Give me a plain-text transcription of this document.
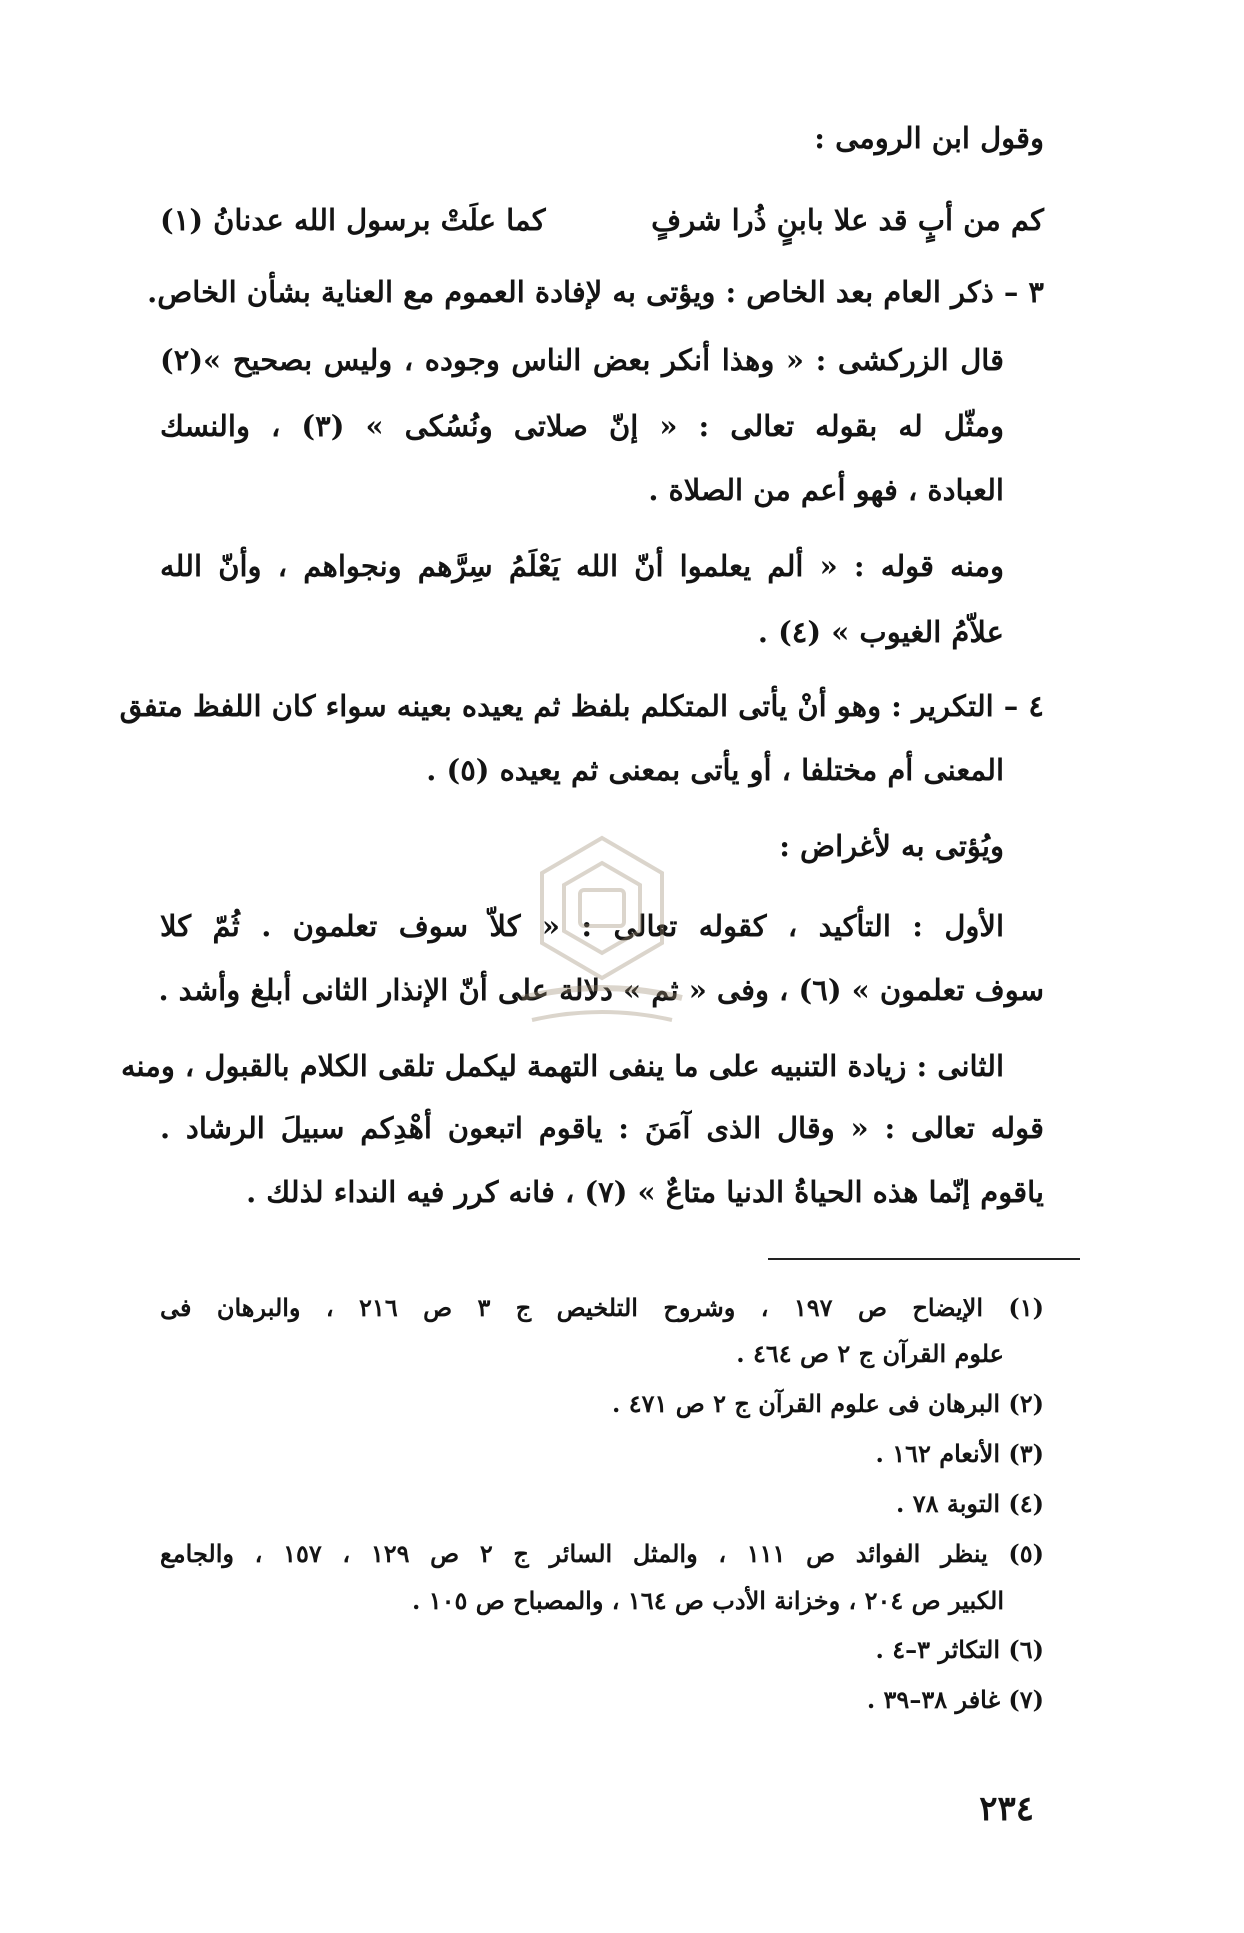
وقول ابن الرومى :
كم من أبٍ قد علا بابنٍ ذُرا شرفٍ
كما علَتْ برسول الله عدنانُ (١)
٣ – ذكر العام بعد الخاص : ويؤتى به لإفادة العموم مع العناية بشأن الخاص.
قال الزركشى : « وهذا أنكر بعض الناس وجوده ، وليس بصحيح »(٢)
ومثّل له بقوله تعالى : « إنّ صلاتى ونُسُكى » (٣) ، والنسك
العبادة ، فهو أعم من الصلاة .
ومنه قوله : « ألم يعلموا أنّ الله يَعْلَمُ سِرَّهم ونجواهم ، وأنّ الله
علاّمُ الغيوب » (٤) .
٤ – التكرير : وهو أنْ يأتى المتكلم بلفظ ثم يعيده بعينه سواء كان اللفظ متفق
المعنى أم مختلفا ، أو يأتى بمعنى ثم يعيده (٥) .
ويُؤتى به لأغراض :
الأول : التأكيد ، كقوله تعالى : « كلاّ سوف تعلمون . ثُمّ كلا
سوف تعلمون » (٦) ، وفى « ثم » دلالة على أنّ الإنذار الثانى أبلغ وأشد .
الثانى : زيادة التنبيه على ما ينفى التهمة ليكمل تلقى الكلام بالقبول ، ومنه
قوله تعالى : « وقال الذى آمَنَ : ياقوم اتبعون أهْدِكم سبيلَ الرشاد .
ياقوم إنّما هذه الحياةُ الدنيا متاعٌ » (٧) ، فانه كرر فيه النداء لذلك .
(١) الإيضاح ص ١٩٧ ، وشروح التلخيص ج ٣ ص ٢١٦ ، والبرهان فى
علوم القرآن ج ٢ ص ٤٦٤ .
(٢) البرهان فى علوم القرآن ج ٢ ص ٤٧١ .
(٣) الأنعام ١٦٢ .
(٤) التوبة ٧٨ .
(٥) ينظر الفوائد ص ١١١ ، والمثل السائر ج ٢ ص ١٢٩ ، ١٥٧ ، والجامع
الكبير ص ٢٠٤ ، وخزانة الأدب ص ١٦٤ ، والمصباح ص ١٠٥ .
(٦) التكاثر ٣–٤ .
(٧) غافر ٣٨–٣٩ .
٢٣٤
